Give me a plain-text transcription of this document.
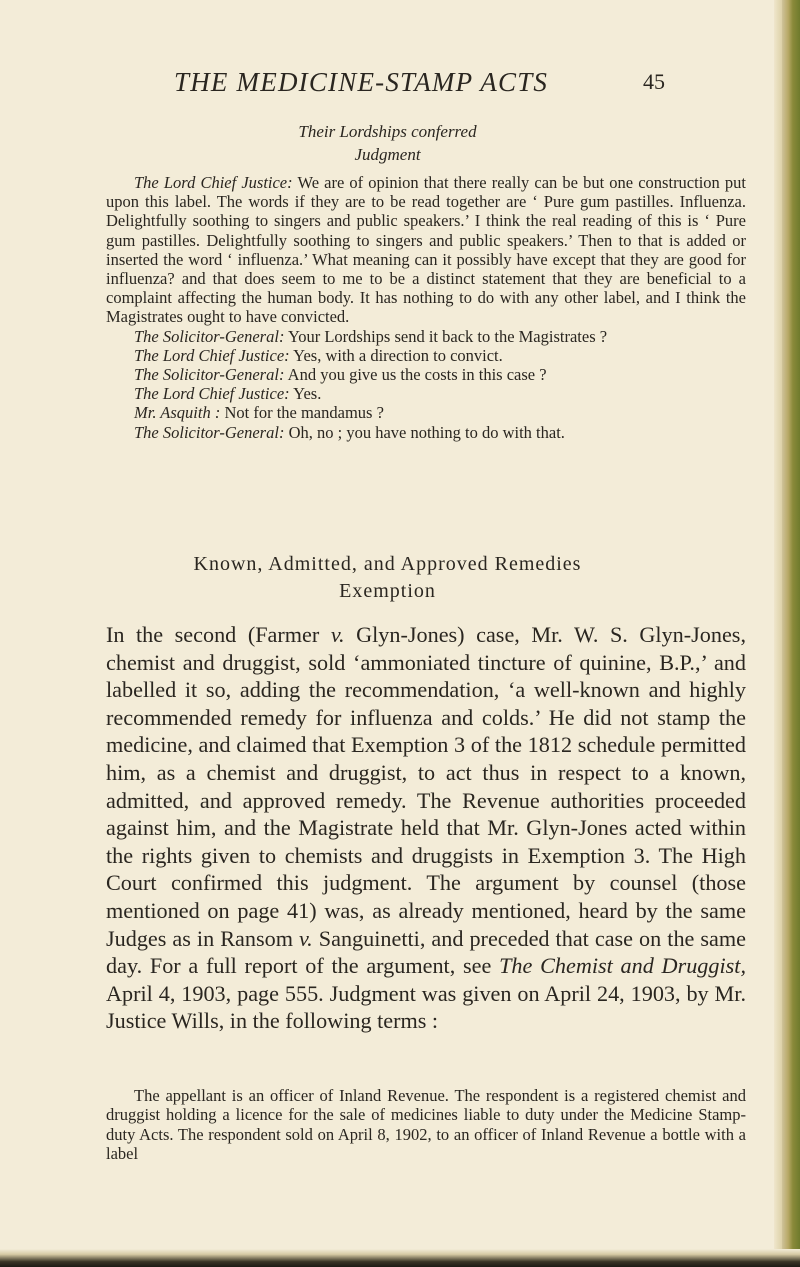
THE MEDICINE-STAMP ACTS	45
Their Lordships conferred
Judgment

The Lord Chief Justice: We are of opinion that there really can be but one construction put upon this label. The words if they are to be read together are ‘ Pure gum pastilles. Influenza. Delightfully soothing to singers and public speakers.’ I think the real reading of this is ‘ Pure gum pastilles. Delightfully soothing to singers and public speakers.’ Then to that is added or inserted the word ‘ influenza.’ What meaning can it possibly have except that they are good for influenza? and that does seem to me to be a distinct statement that they are beneficial to a complaint affecting the human body. It has nothing to do with any other label, and I think the Magistrates ought to have convicted.

The Solicitor-General: Your Lordships send it back to the Magistrates ?

The Lord Chief Justice: Yes, with a direction to convict.

The Solicitor-General: And you give us the costs in this case ?

The Lord Chief Justice: Yes.

Mr. Asquith : Not for the mandamus ?

The Solicitor-General: Oh, no ; you have nothing to do with that.

Known, Admitted, and Approved Remedies
Exemption

In the second (Farmer v. Glyn-Jones) case, Mr. W. S. Glyn-Jones, chemist and druggist, sold ‘ammoniated tincture of quinine, B.P.,’ and labelled it so, adding the recommendation, ‘a well-known and highly recommended remedy for influenza and colds.’ He did not stamp the medicine, and claimed that Exemption 3 of the 1812 schedule permitted him, as a chemist and druggist, to act thus in respect to a known, admitted, and approved remedy. The Revenue authorities proceeded against him, and the Magistrate held that Mr. Glyn-Jones acted within the rights given to chemists and druggists in Exemption 3. The High Court confirmed this judgment. The argument by counsel (those mentioned on page 41) was, as already mentioned, heard by the same Judges as in Ransom v. Sanguinetti, and preceded that case on the same day. For a full report of the argument, see The Chemist and Druggist, April 4, 1903, page 555. Judgment was given on April 24, 1903, by Mr. Justice Wills, in the following terms :

The appellant is an officer of Inland Revenue. The respondent is a registered chemist and druggist holding a licence for the sale of medicines liable to duty under the Medicine Stamp-duty Acts. The respondent sold on April 8, 1902, to an officer of Inland Revenue a bottle with a label
